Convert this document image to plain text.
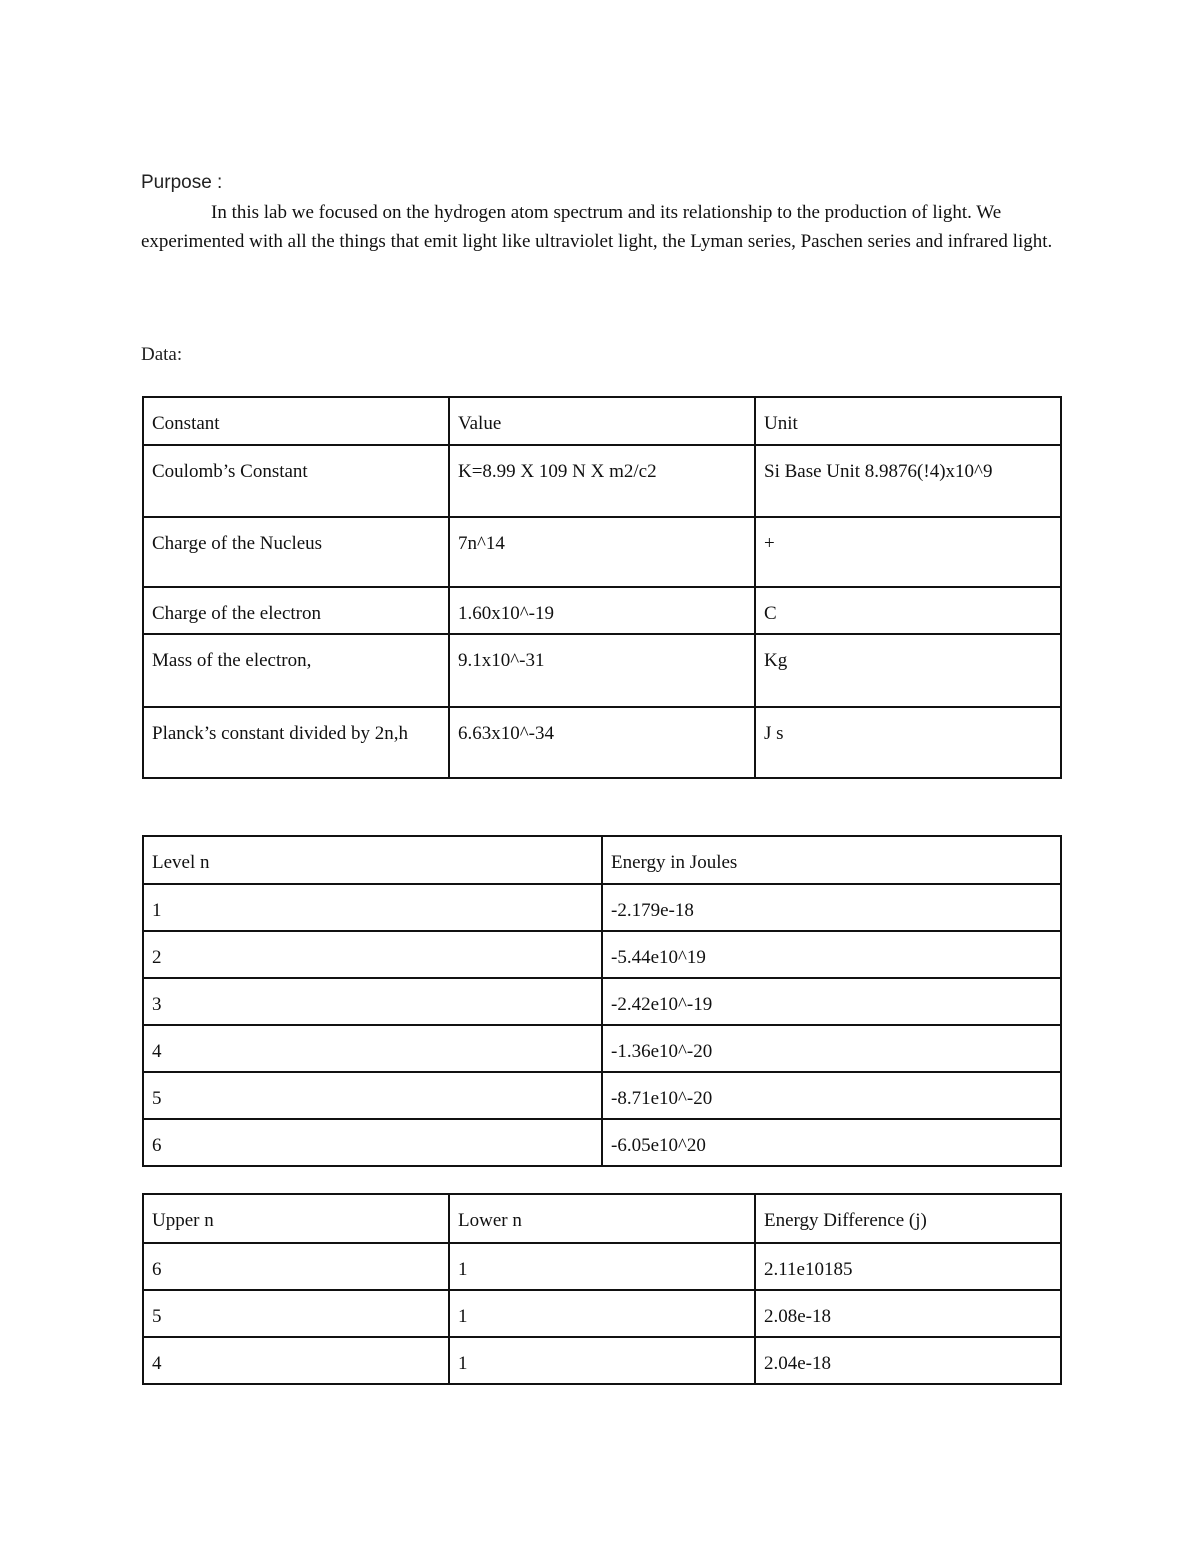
Purpose :
In this lab we focused on the hydrogen atom spectrum and its relationship to the production of light. We experimented with all the things that emit light like ultraviolet light, the Lyman series, Paschen series and infrared light.
Data:
Constant	Value	Unit
Coulomb’s Constant	K=8.99 X 109 N X m2/c2	Si Base Unit 8.9876(!4)x10^9
Charge of the Nucleus	7n^14	+
Charge of the electron	1.60x10^-19	C
Mass of the electron,	9.1x10^-31	Kg
Planck’s constant divided by 2n,h	6.63x10^-34	J s
Level n	Energy in Joules
1	-2.179e-18
2	-5.44e10^19
3	-2.42e10^-19
4	-1.36e10^-20
5	-8.71e10^-20
6	-6.05e10^20
Upper n	Lower n	Energy Difference (j)
6	1	2.11e10185
5	1	2.08e-18
4	1	2.04e-18
